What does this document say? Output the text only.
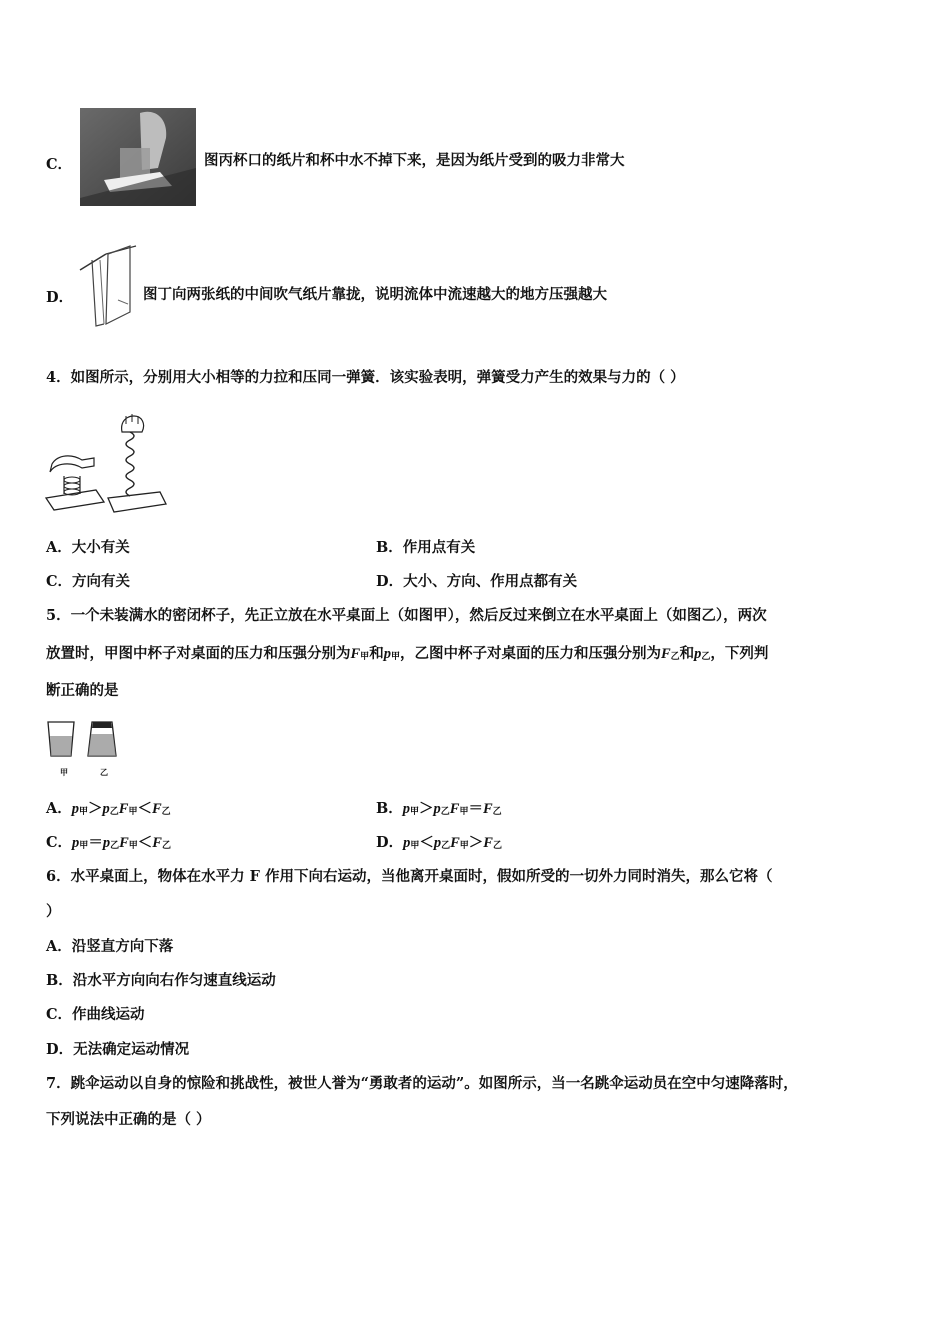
C．	图丙杯口的纸片和杯中水不掉下来，是因为纸片受到的吸力非常大
D．	图丁向两张纸的中间吹气纸片靠拢，说明流体中流速越大的地方压强越大
4．如图所示，分别用大小相等的力拉和压同一弹簧．该实验表明，弹簧受力产生的效果与力的（ ）
A．大小有关	B．作用点有关
C．方向有关	D．大小、方向、作用点都有关
5．一个未装满水的密闭杯子，先正立放在水平桌面上（如图甲），然后反过来倒立在水平桌面上（如图乙），两次
放置时，甲图中杯子对桌面的压力和压强分别为F甲和p甲，乙图中杯子对桌面的压力和压强分别为F乙和p乙，下列判
断正确的是
甲	乙
A．p甲＞p乙F甲＜F乙	B．p甲＞p乙F甲＝F乙
C．p甲＝p乙F甲＜F乙	D．p甲＜p乙F甲＞F乙
6．水平桌面上，物体在水平力 F 作用下向右运动，当他离开桌面时，假如所受的一切外力同时消失，那么它将（
）
A．沿竖直方向下落
B．沿水平方向向右作匀速直线运动
C．作曲线运动
D．无法确定运动情况
7．跳伞运动以自身的惊险和挑战性，被世人誉为“勇敢者的运动”。如图所示，当一名跳伞运动员在空中匀速降落时，
下列说法中正确的是（ ）
